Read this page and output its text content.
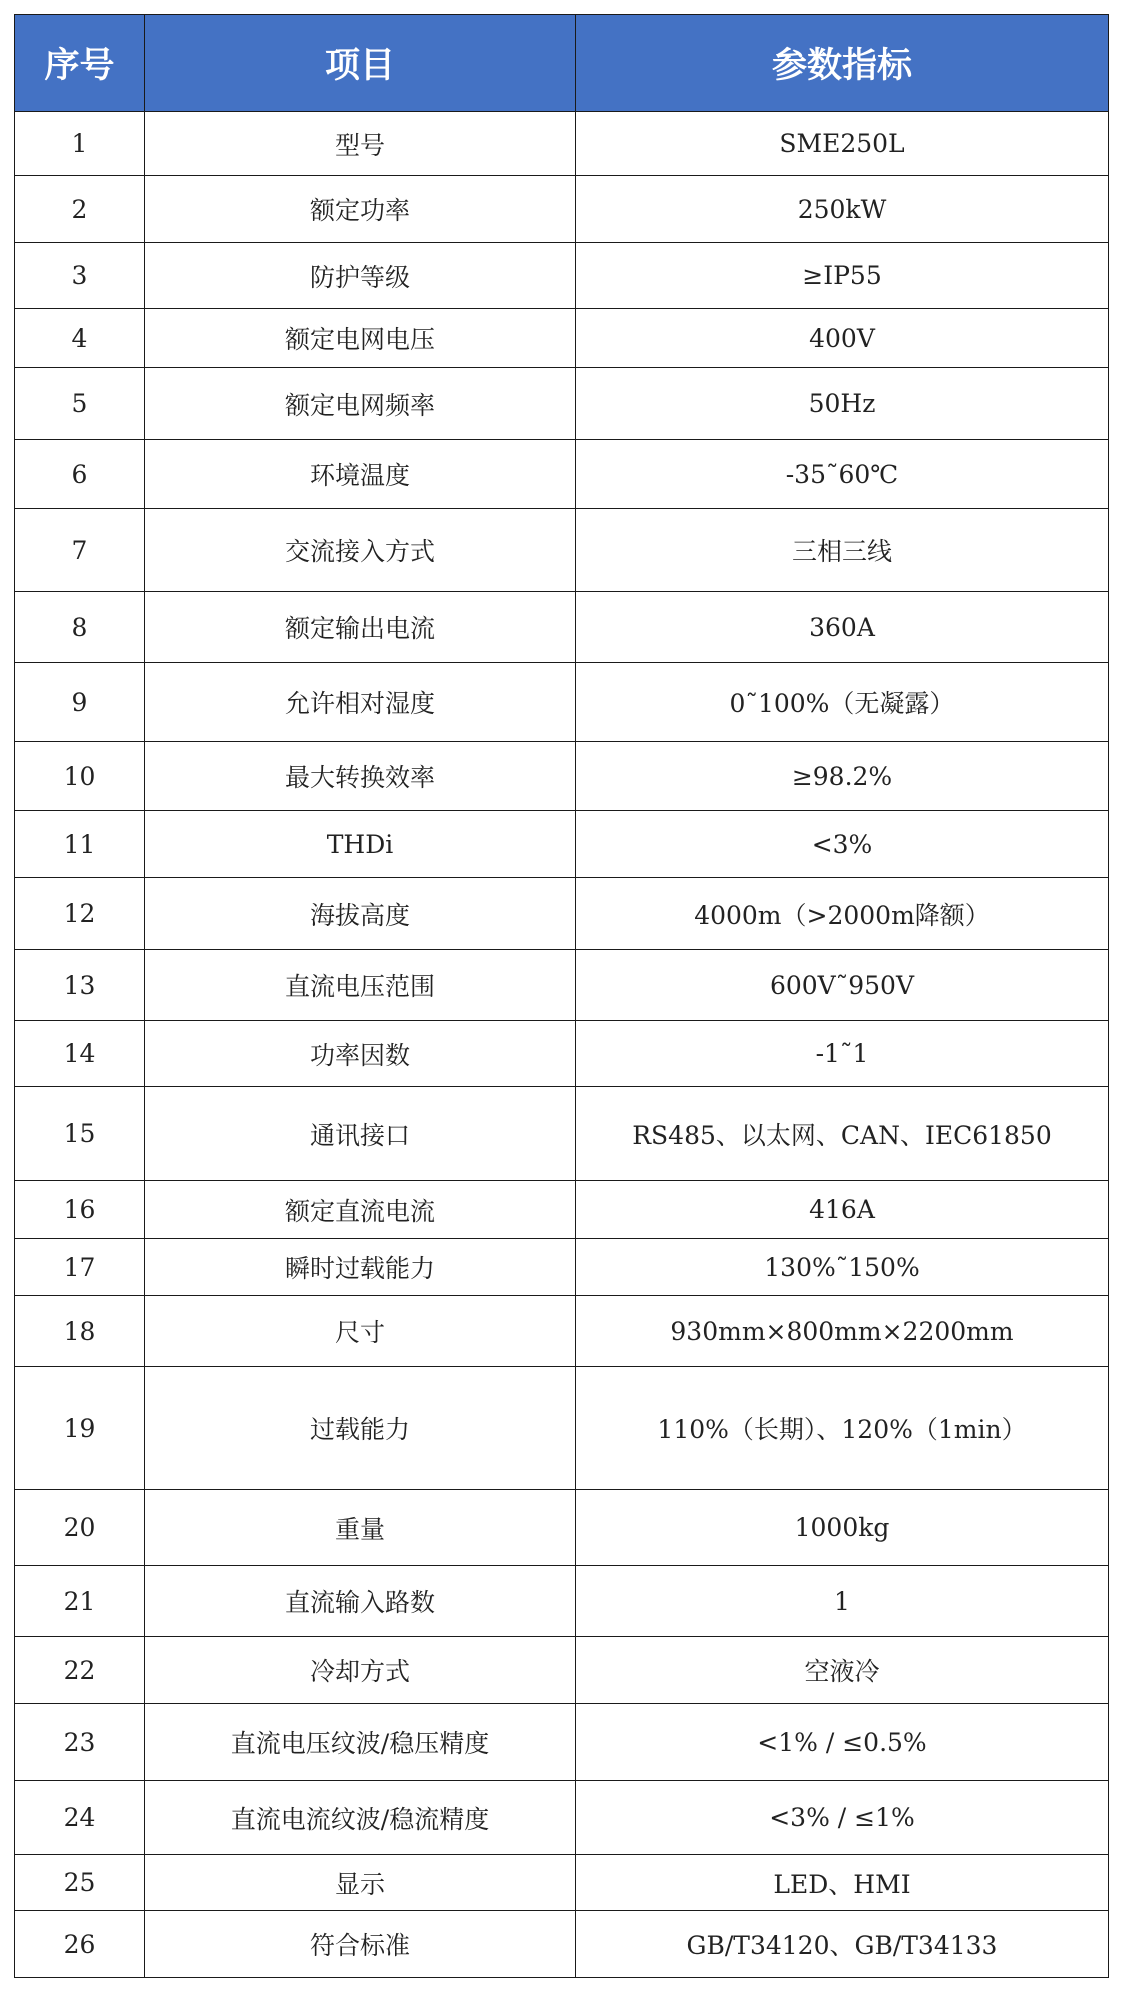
序号	项目	参数指标
1	型号	SME250L
2	额定功率	250kW
3	防护等级	≥IP55
4	额定电网电压	400V
5	额定电网频率	50Hz
6	环境温度	-35˜60℃
7	交流接入方式	三相三线
8	额定输出电流	360A
9	允许相对湿度	0˜100%（无凝露）
10	最大转换效率	≥98.2%
11	THDi	<3%
12	海拔高度	4000m（>2000m降额）
13	直流电压范围	600V˜950V
14	功率因数	-1˜1
15	通讯接口	RS485、以太网、CAN、IEC61850
16	额定直流电流	416A
17	瞬时过载能力	130%˜150%
18	尺寸	930mm×800mm×2200mm
19	过载能力	110%（长期）、120%（1min）
20	重量	1000kg
21	直流输入路数	1
22	冷却方式	空液冷
23	直流电压纹波/稳压精度	<1% / ≤0.5%
24	直流电流纹波/稳流精度	<3% / ≤1%
25	显示	LED、HMI
26	符合标准	GB/T34120、GB/T34133
